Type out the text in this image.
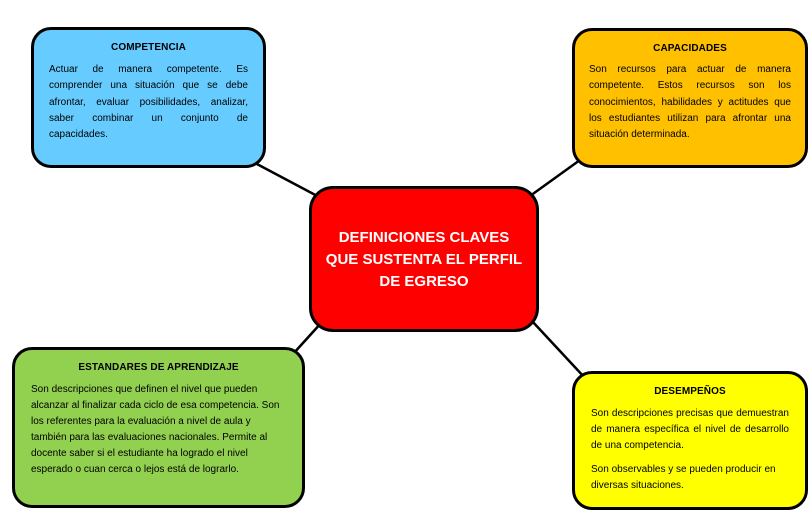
COMPETENCIA

Actuar de manera competente. Es comprender una situación que se debe afrontar, evaluar posibilidades, analizar, saber combinar un conjunto de capacidades.

CAPACIDADES

Son recursos para actuar de manera competente. Estos recursos son los conocimientos, habilidades y actitudes que los estudiantes utilizan para afrontar una situación determinada.

DEFINICIONES CLAVES
QUE SUSTENTA EL PERFIL
DE EGRESO
ESTANDARES DE APRENDIZAJE

Son descripciones que definen el nivel que pueden alcanzar al finalizar cada ciclo de esa competencia. Son los referentes para la evaluación a nivel de aula y también para las evaluaciones nacionales. Permite al docente saber si el estudiante ha logrado el nivel esperado o cuan cerca o lejos está de lograrlo.

DESEMPEÑOS

Son descripciones precisas que demuestran de manera específica el nivel de desarrollo de una competencia.

Son observables y se pueden producir en diversas situaciones.
